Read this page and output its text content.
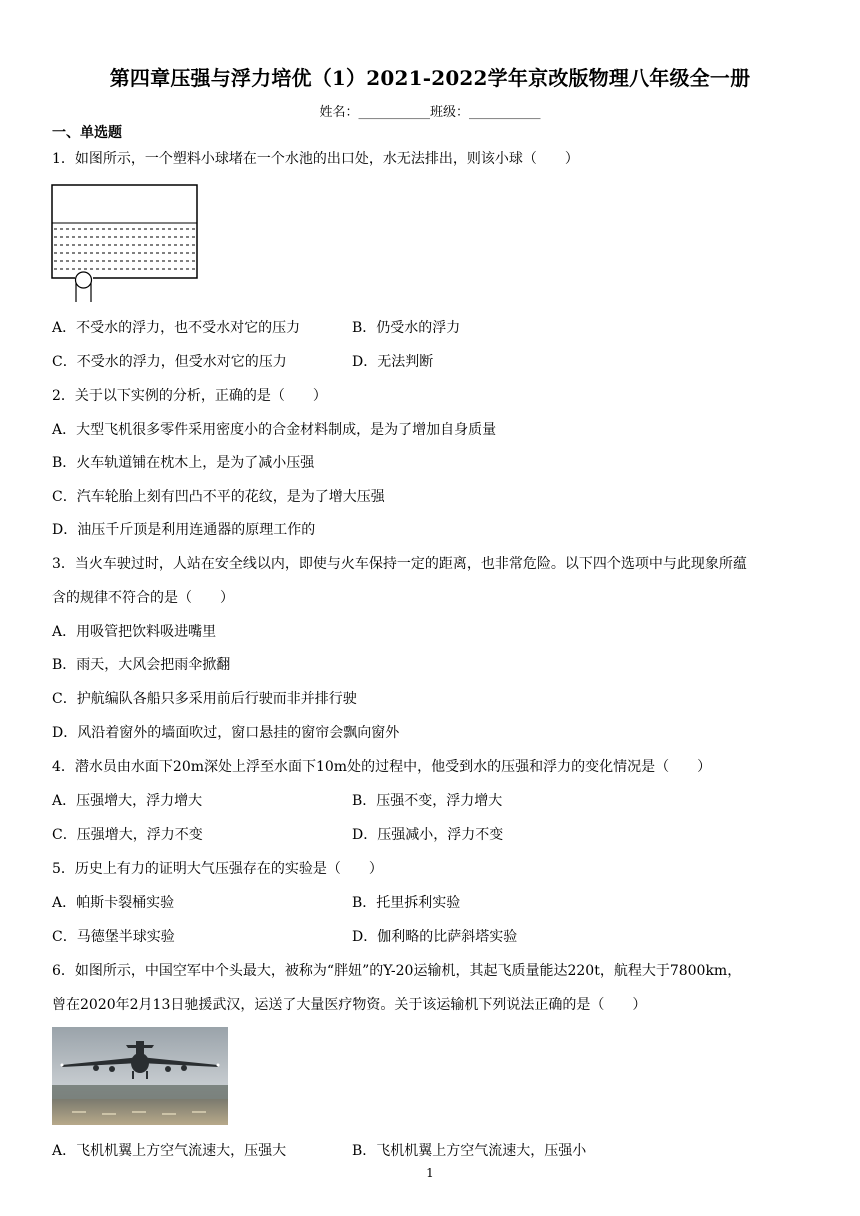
第四章压强与浮力培优（1）2021-2022学年京改版物理八年级全一册
姓名：___________班级：___________
一、单选题
1．如图所示，一个塑料小球堵在一个水池的出口处，水无法排出，则该小球（　　）
A．不受水的浮力，也不受水对它的压力	B．仍受水的浮力
C．不受水的浮力，但受水对它的压力	D．无法判断
2．关于以下实例的分析，正确的是（　　）
A．大型飞机很多零件采用密度小的合金材料制成，是为了增加自身质量
B．火车轨道铺在枕木上，是为了减小压强
C．汽车轮胎上刻有凹凸不平的花纹，是为了增大压强
D．油压千斤顶是利用连通器的原理工作的
3．当火车驶过时，人站在安全线以内，即使与火车保持一定的距离，也非常危险。以下四个选项中与此现象所蕴
含的规律不符合的是（　　）
A．用吸管把饮料吸进嘴里
B．雨天，大风会把雨伞掀翻
C．护航编队各船只多采用前后行驶而非并排行驶
D．风沿着窗外的墙面吹过，窗口悬挂的窗帘会飘向窗外
4．潜水员由水面下20m深处上浮至水面下10m处的过程中，他受到水的压强和浮力的变化情况是（　　）
A．压强增大，浮力增大	B．压强不变，浮力增大
C．压强增大，浮力不变	D．压强减小，浮力不变
5．历史上有力的证明大气压强存在的实验是（　　）
A．帕斯卡裂桶实验	B．托里拆利实验
C．马德堡半球实验	D．伽利略的比萨斜塔实验
6．如图所示，中国空军中个头最大，被称为“胖妞”的Y-20运输机，其起飞质量能达220t，航程大于7800km，
曾在2020年2月13日驰援武汉，运送了大量医疗物资。关于该运输机下列说法正确的是（　　）
A．飞机机翼上方空气流速大，压强大	B．飞机机翼上方空气流速大，压强小
1
